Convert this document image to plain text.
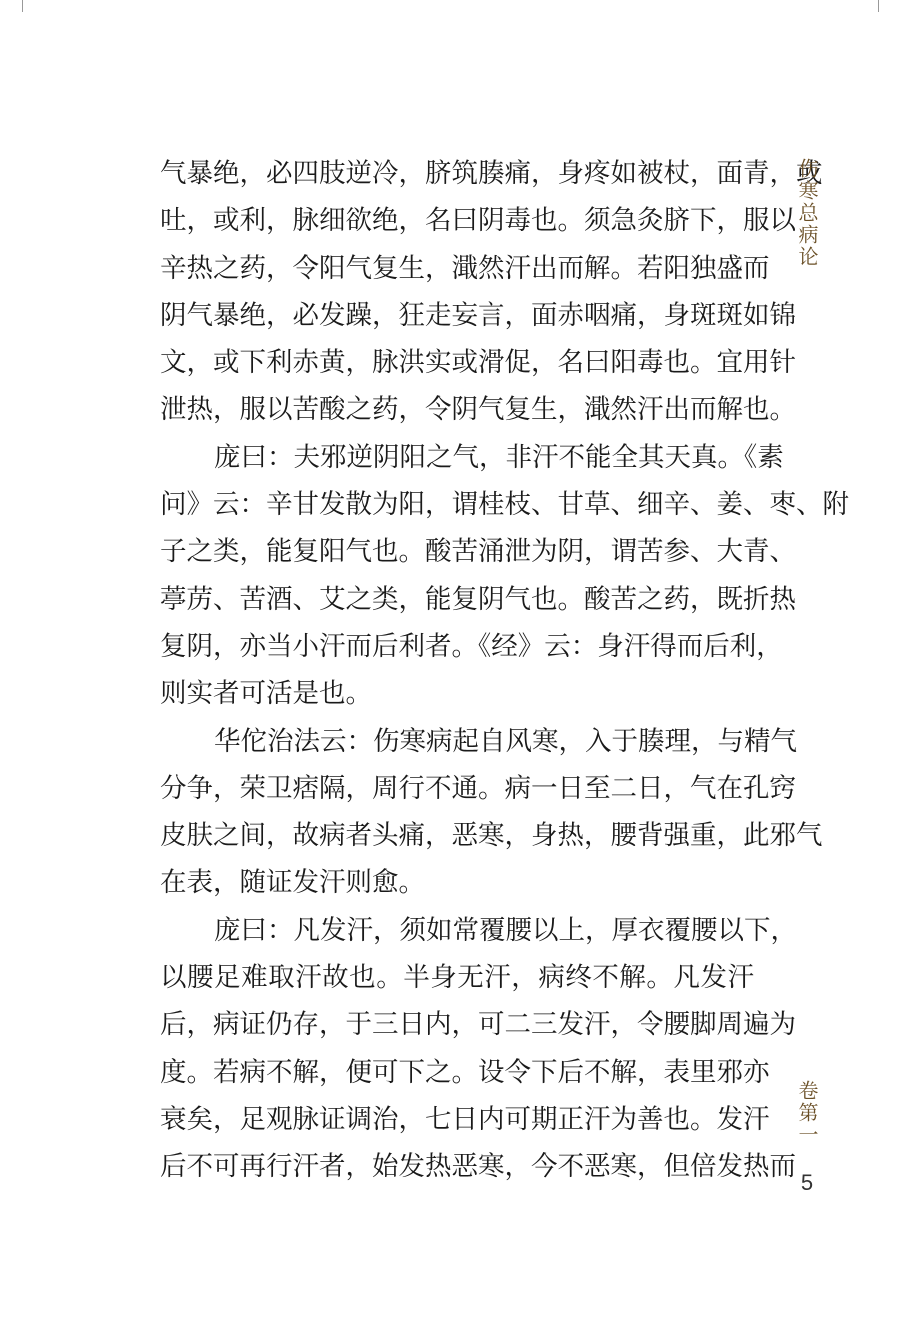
气暴绝，必四肢逆冷，脐筑腠痛，身疼如被杖，面青，或
吐，或利，脉细欲绝，名曰阴毒也。须急灸脐下，服以
辛热之药，令阳气复生，濈然汗出而解。若阳独盛而
阴气暴绝，必发躁，狂走妄言，面赤咽痛，身斑斑如锦
文，或下利赤黄，脉洪实或滑促，名曰阳毒也。宜用针
泄热，服以苦酸之药，令阴气复生，濈然汗出而解也。
庞曰：夫邪逆阴阳之气，非汗不能全其天真。《素
问》云：辛甘发散为阳，谓桂枝、甘草、细辛、姜、枣、附
子之类，能复阳气也。酸苦涌泄为阴，谓苦参、大青、
葶苈、苦酒、艾之类，能复阴气也。酸苦之药，既折热
复阴，亦当小汗而后利者。《经》云：身汗得而后利，
则实者可活是也。
华佗治法云：伤寒病起自风寒，入于腠理，与精气
分争，荣卫痞隔，周行不通。病一日至二日，气在孔窍
皮肤之间，故病者头痛，恶寒，身热，腰背强重，此邪气
在表，随证发汗则愈。
庞曰：凡发汗，须如常覆腰以上，厚衣覆腰以下，
以腰足难取汗故也。半身无汗，病终不解。凡发汗
后，病证仍存，于三日内，可二三发汗，令腰脚周遍为
度。若病不解，便可下之。设令下后不解，表里邪亦
衰矣，足观脉证调治，七日内可期正汗为善也。发汗
后不可再行汗者，始发热恶寒，今不恶寒，但倍发热而
伤寒总病论
卷第一
5
